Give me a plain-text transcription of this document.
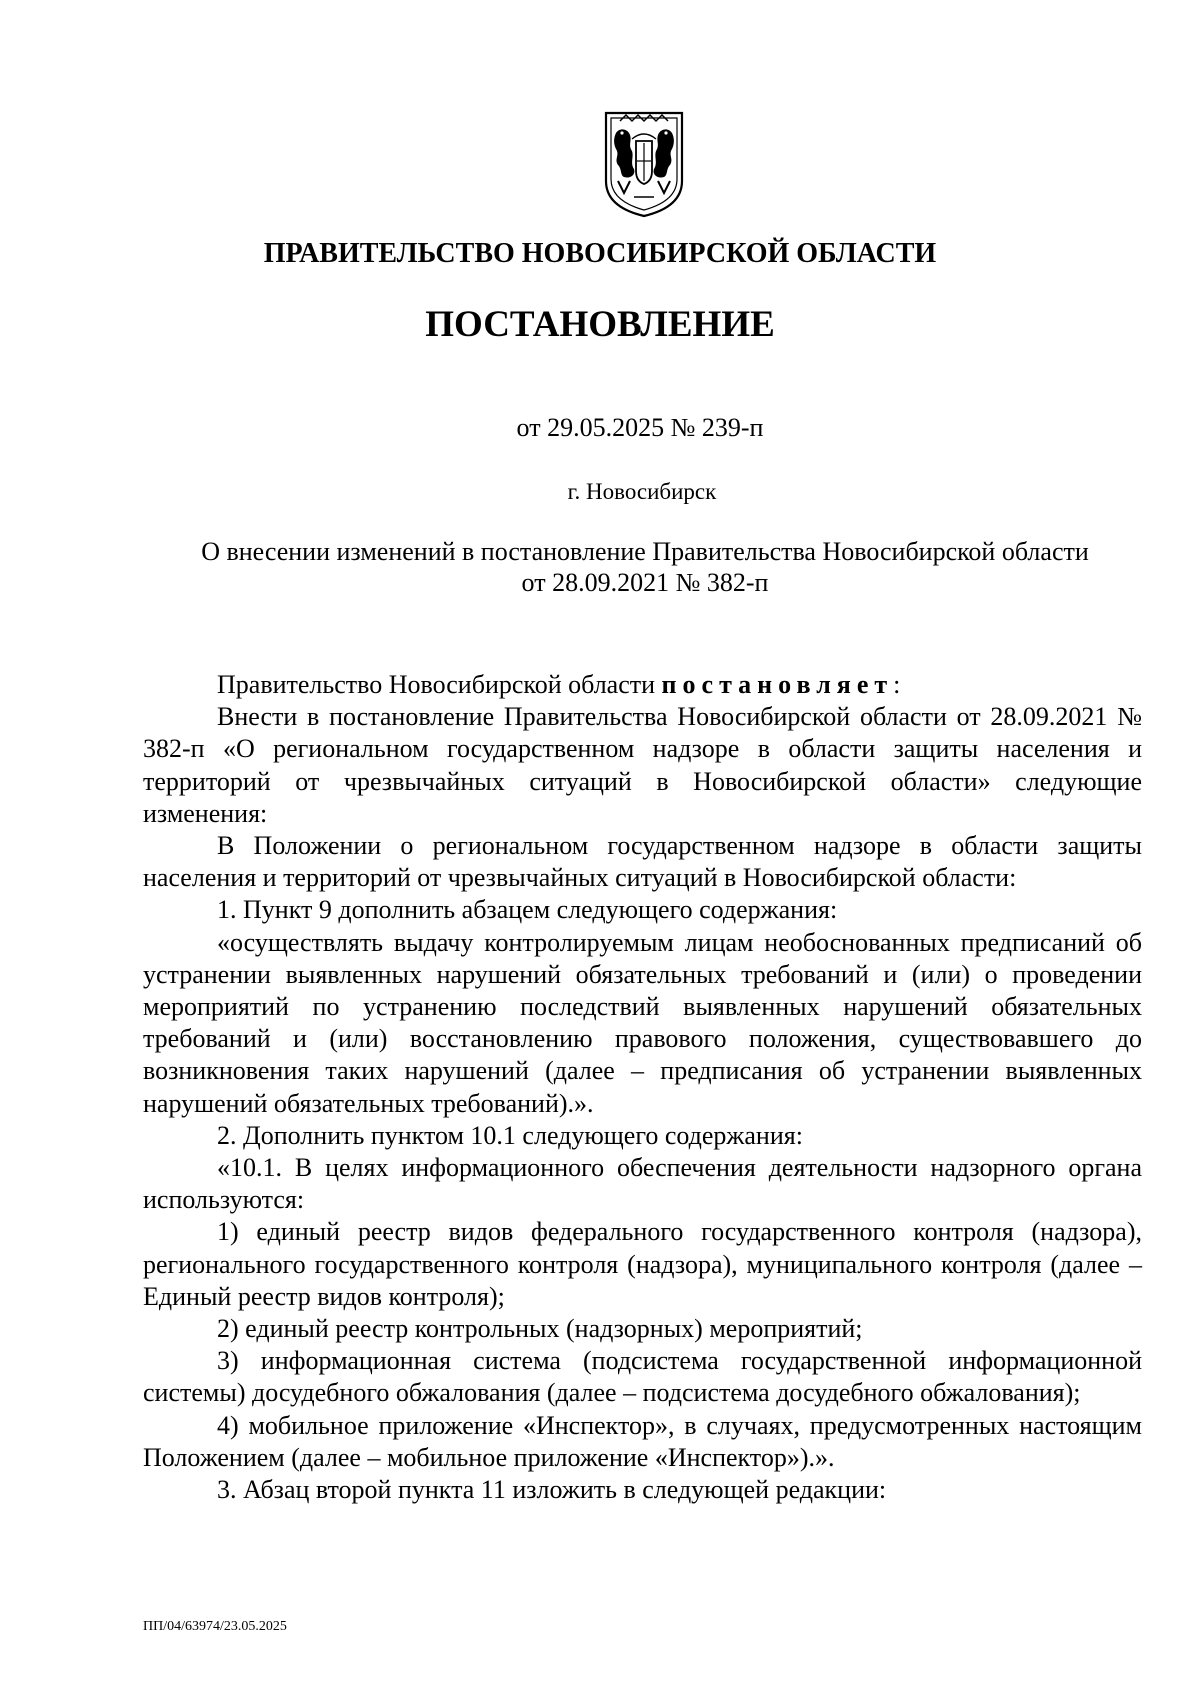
ПРАВИТЕЛЬСТВО НОВОСИБИРСКОЙ ОБЛАСТИ
ПОСТАНОВЛЕНИЕ
от 29.05.2025 № 239-п
г. Новосибирск
О внесении изменений в постановление Правительства Новосибирской области
от 28.09.2021 № 382-п

Правительство Новосибирской области постановляет:

Внести в постановление Правительства Новосибирской области от 28.09.2021 № 382-п «О региональном государственном надзоре в области защиты населения и территорий от чрезвычайных ситуаций в Новосибирской области» следующие изменения:

В Положении о региональном государственном надзоре в области защиты населения и территорий от чрезвычайных ситуаций в Новосибирской области:

1. Пункт 9 дополнить абзацем следующего содержания:

«осуществлять выдачу контролируемым лицам необоснованных предписаний об устранении выявленных нарушений обязательных требований и (или) о проведении мероприятий по устранению последствий выявленных нарушений обязательных требований и (или) восстановлению правового положения, существовавшего до возникновения таких нарушений (далее – предписания об устранении выявленных нарушений обязательных требований).».

2. Дополнить пунктом 10.1 следующего содержания:

«10.1. В целях информационного обеспечения деятельности надзорного органа используются:

1) единый реестр видов федерального государственного контроля (надзора), регионального государственного контроля (надзора), муниципального контроля (далее – Единый реестр видов контроля);

2) единый реестр контрольных (надзорных) мероприятий;

3) информационная система (подсистема государственной информационной системы) досудебного обжалования (далее – подсистема досудебного обжалования);

4) мобильное приложение «Инспектор», в случаях, предусмотренных настоящим Положением (далее – мобильное приложение «Инспектор»).».

3. Абзац второй пункта 11 изложить в следующей редакции:

ПП/04/63974/23.05.2025
